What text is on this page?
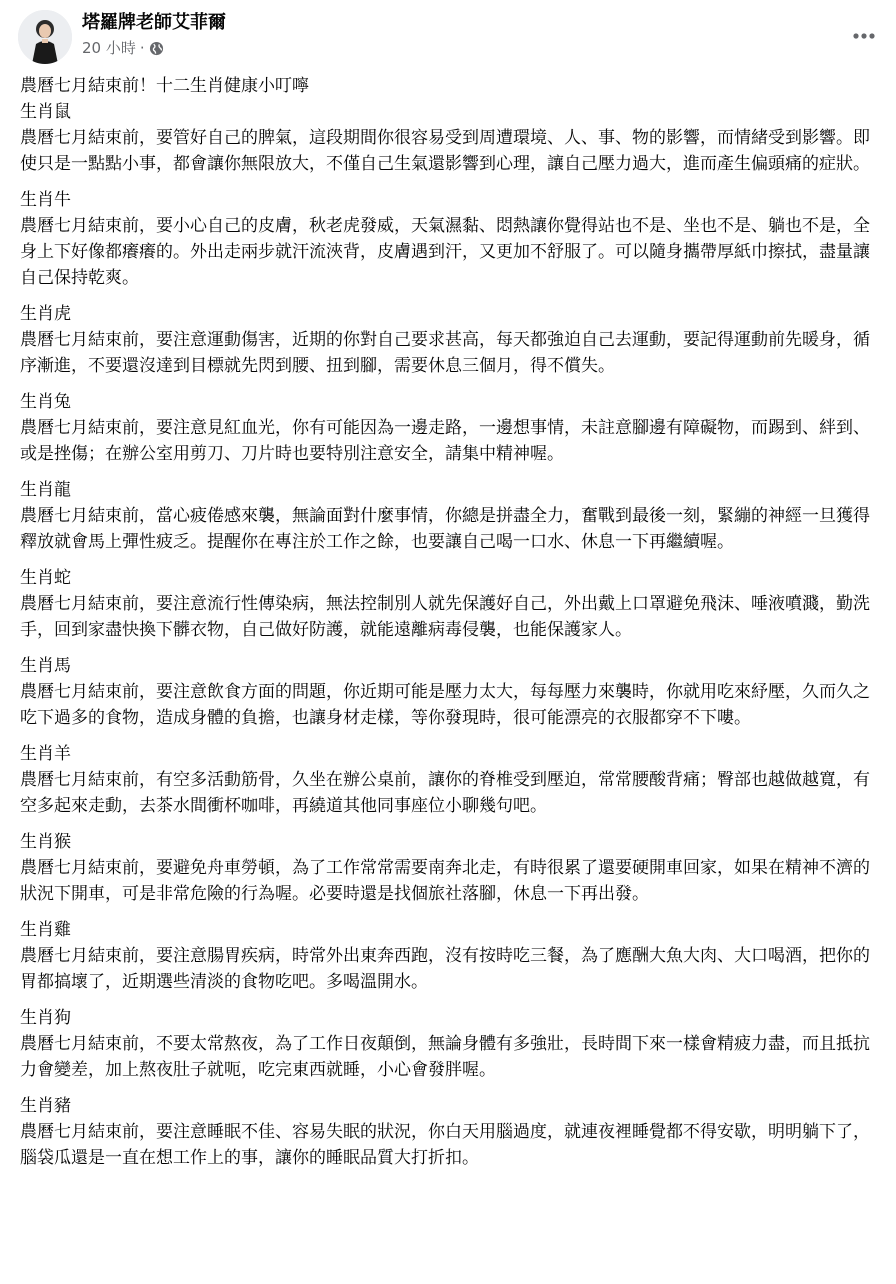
塔羅牌老師艾菲爾
20 小時 ·

農曆七月結束前！十二生肖健康小叮嚀

生肖鼠

農曆七月結束前，要管好自己的脾氣，這段期間你很容易受到周遭環境、人、事、物的影響，而情緒受到影響。即使只是一點點小事，都會讓你無限放大，不僅自己生氣還影響到心理，讓自己壓力過大，進而產生偏頭痛的症狀。

生肖牛

農曆七月結束前，要小心自己的皮膚，秋老虎發威，天氣濕黏、悶熱讓你覺得站也不是、坐也不是、躺也不是，全身上下好像都癢癢的。外出走兩步就汗流浹背，皮膚遇到汗，又更加不舒服了。可以隨身攜帶厚紙巾擦拭，盡量讓自己保持乾爽。

生肖虎

農曆七月結束前，要注意運動傷害，近期的你對自己要求甚高，每天都強迫自己去運動，要記得運動前先暖身，循序漸進，不要還沒達到目標就先閃到腰、扭到腳，需要休息三個月，得不償失。

生肖兔

農曆七月結束前，要注意見紅血光，你有可能因為一邊走路，一邊想事情，未註意腳邊有障礙物，而踢到、絆到、或是挫傷；在辦公室用剪刀、刀片時也要特別注意安全，請集中精神喔。

生肖龍

農曆七月結束前，當心疲倦感來襲，無論面對什麼事情，你總是拼盡全力，奮戰到最後一刻，緊繃的神經一旦獲得釋放就會馬上彈性疲乏。提醒你在專注於工作之餘，也要讓自己喝一口水、休息一下再繼續喔。

生肖蛇

農曆七月結束前，要注意流行性傳染病，無法控制別人就先保護好自己，外出戴上口罩避免飛沫、唾液噴濺，勤洗手，回到家盡快換下髒衣物，自己做好防護，就能遠離病毒侵襲，也能保護家人。

生肖馬

農曆七月結束前，要注意飲食方面的問題，你近期可能是壓力太大，每每壓力來襲時，你就用吃來紓壓，久而久之吃下過多的食物，造成身體的負擔，也讓身材走樣，等你發現時，很可能漂亮的衣服都穿不下嘍。

生肖羊

農曆七月結束前，有空多活動筋骨，久坐在辦公桌前，讓你的脊椎受到壓迫，常常腰酸背痛；臀部也越做越寬，有空多起來走動，去茶水間衝杯咖啡，再繞道其他同事座位小聊幾句吧。

生肖猴

農曆七月結束前，要避免舟車勞頓，為了工作常常需要南奔北走，有時很累了還要硬開車回家，如果在精神不濟的狀況下開車，可是非常危險的行為喔。必要時還是找個旅社落腳，休息一下再出發。

生肖雞

農曆七月結束前，要注意腸胃疾病，時常外出東奔西跑，沒有按時吃三餐，為了應酬大魚大肉、大口喝酒，把你的胃都搞壞了，近期選些清淡的食物吃吧。多喝溫開水。

生肖狗

農曆七月結束前，不要太常熬夜，為了工作日夜顛倒，無論身體有多強壯，長時間下來一樣會精疲力盡，而且抵抗力會變差，加上熬夜肚子就呃，吃完東西就睡，小心會發胖喔。

生肖豬

農曆七月結束前，要注意睡眠不佳、容易失眠的狀況，你白天用腦過度，就連夜裡睡覺都不得安歇，明明躺下了，腦袋瓜還是一直在想工作上的事，讓你的睡眠品質大打折扣。
